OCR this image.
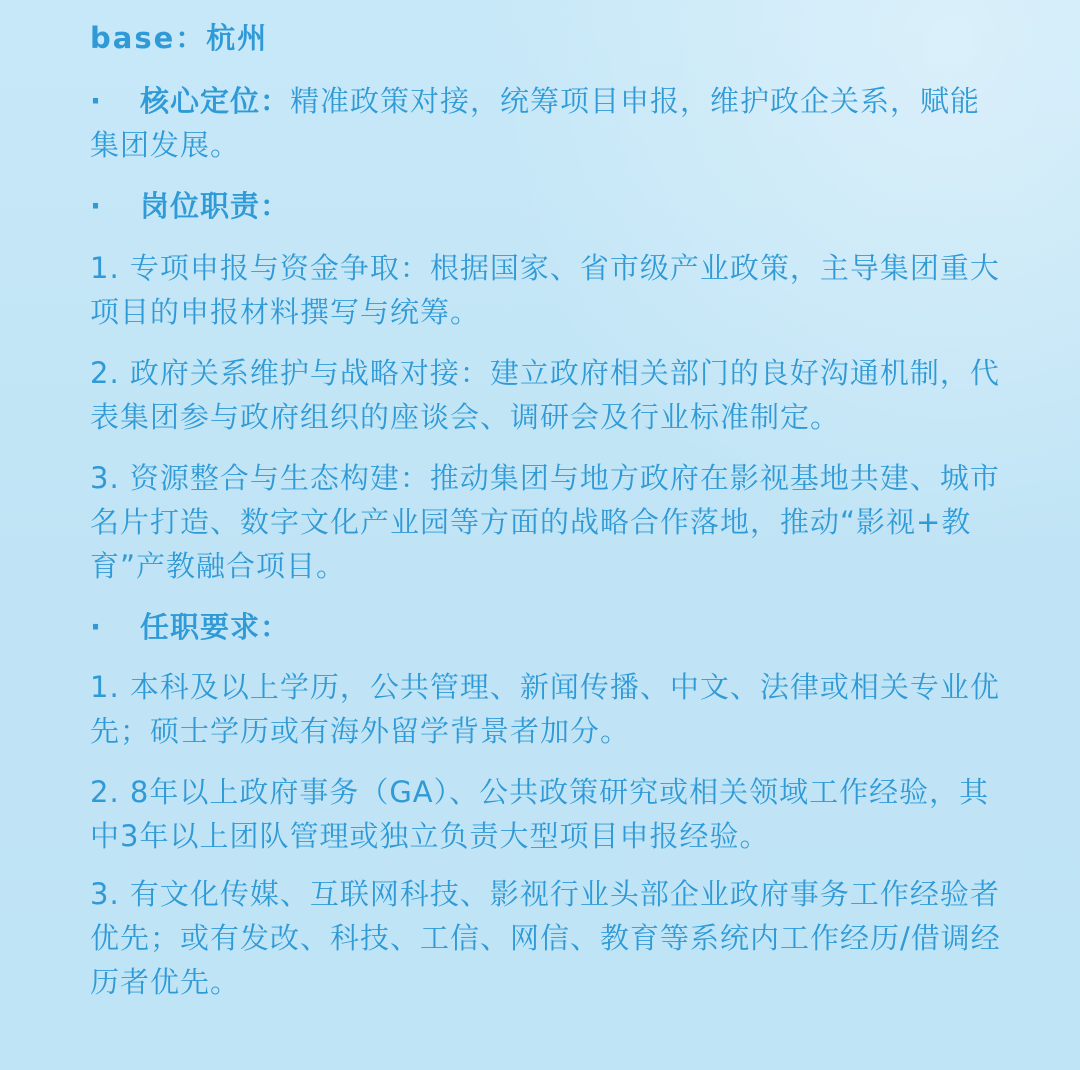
base：杭州

· 核心定位：精准政策对接，统筹项目申报，维护政企关系，赋能集团发展。

· 岗位职责：

1. 专项申报与资金争取：根据国家、省市级产业政策，主导集团重大项目的申报材料撰写与统筹。

2. 政府关系维护与战略对接：建立政府相关部门的良好沟通机制，代表集团参与政府组织的座谈会、调研会及行业标准制定。

3. 资源整合与生态构建：推动集团与地方政府在影视基地共建、城市名片打造、数字文化产业园等方面的战略合作落地，推动“影视+教育”产教融合项目。

· 任职要求：

1. 本科及以上学历，公共管理、新闻传播、中文、法律或相关专业优先；硕士学历或有海外留学背景者加分。

2. 8年以上政府事务（GA）、公共政策研究或相关领域工作经验，其中3年以上团队管理或独立负责大型项目申报经验。

3. 有文化传媒、互联网科技、影视行业头部企业政府事务工作经验者优先；或有发改、科技、工信、网信、教育等系统内工作经历/借调经历者优先。
